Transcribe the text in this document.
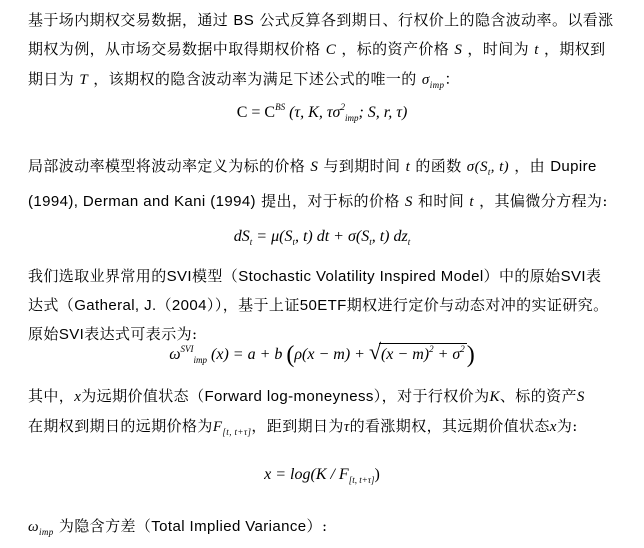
基于场内期权交易数据，通过 BS 公式反算各到期日、行权价上的隐含波动率。以看涨期权为例，从市场交易数据中取得期权价格 C ，标的资产价格 S ，时间为 t ，期权到期日为 T ，该期权的隐含波动率为满足下述公式的唯一的 $\sigma_{imp}$：
$C = C^{BS}$ (τ, K, $\tau\sigma^2_{imp}$; S, r, τ)
局部波动率模型将波动率定义为标的价格 S 与到期时间 t 的函数 $\sigma(S_t$, t) ，由 Dupire (1994), Derman and Kani (1994) 提出，对于标的价格 S 和时间 t ，其偏微分方程为:
$dS_t = \mu(S_t$, t) dt + $\sigma(S_t$, t) $dz_t$
我们选取业界常用的SVI模型（Stochastic Volatility Inspired Model）中的原始SVI表达式（Gatheral, J.（2004）），基于上证50ETF期权进行定价与动态对冲的实证研究。原始SVI表达式可表示为:
$\omega^{SVI}_{imp}$ (x) = a + b (ρ(x − m) + √ $(x - m)^2 + \sigma^2$)
其中，x为远期价值状态（Forward log-moneyness），对于行权价为K、标的资产S
在期权到期日的远期价格为$F_{[t, t+\tau]}$，距到期日为τ的看涨期权，其远期价值状态x为:
$x = \log(K / F_{[t, t+\tau]})$
$\omega_{imp}$ 为隐含方差（Total Implied Variance）:
